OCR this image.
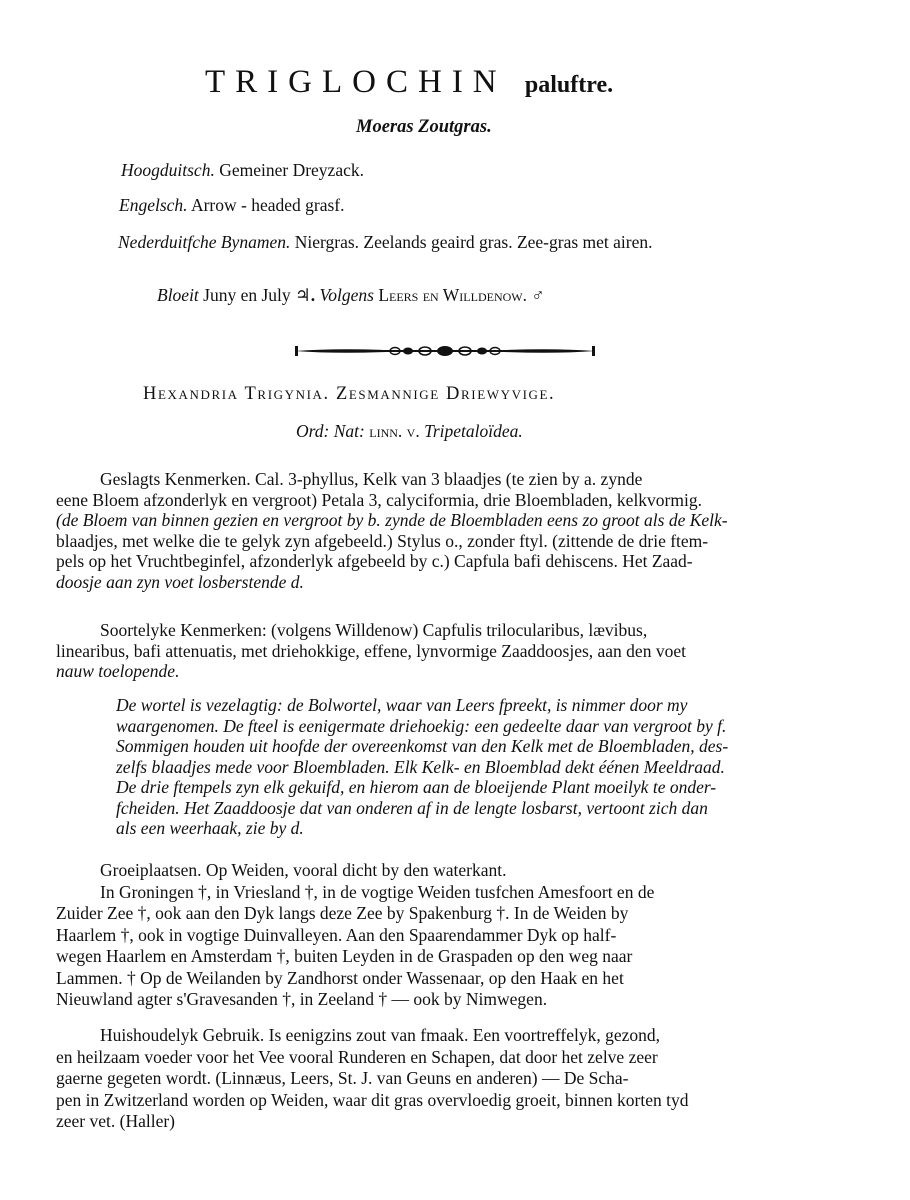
TRIGLOCHIN paluftre.
Moeras Zoutgras.
Hoogduitsch. Gemeiner Dreyzack.
Engelsch. Arrow - headed grasf.
Nederduitfche Bynamen. Niergras. Zeelands geaird gras. Zee-gras met airen.
Bloeit Juny en July ♃. Volgens Leers en Willdenow. ♂
Hexandria Trigynia. Zesmannige Driewyvige.
Ord: Nat: linn. v. Tripetaloïdea.

Geslagts Kenmerken. Cal. 3-phyllus, Kelk van 3 blaadjes (te zien by a. zynde

eene Bloem afzonderlyk en vergroot) Petala 3, calyciformia, drie Bloembladen, kelkvormig.

(de Bloem van binnen gezien en vergroot by b. zynde de Bloembladen eens zo groot als de Kelk-

blaadjes, met welke die te gelyk zyn afgebeeld.) Stylus o., zonder ftyl. (zittende de drie ftem-

pels op het Vruchtbeginfel, afzonderlyk afgebeeld by c.) Capfula bafi dehiscens. Het Zaad-

doosje aan zyn voet losberstende d.

Soortelyke Kenmerken: (volgens Willdenow) Capfulis trilocularibus, lævibus,

linearibus, bafi attenuatis, met driehokkige, effene, lynvormige Zaaddoosjes, aan den voet

nauw toelopende.

De wortel is vezelagtig: de Bolwortel, waar van Leers fpreekt, is nimmer door my

waargenomen. De fteel is eenigermate driehoekig: een gedeelte daar van vergroot by f.

Sommigen houden uit hoofde der overeenkomst van den Kelk met de Bloembladen, des-

zelfs blaadjes mede voor Bloembladen. Elk Kelk- en Bloemblad dekt éénen Meeldraad.

De drie ftempels zyn elk gekuifd, en hierom aan de bloeijende Plant moeilyk te onder-

fcheiden. Het Zaaddoosje dat van onderen af in de lengte losbarst, vertoont zich dan

als een weerhaak, zie by d.

Groeiplaatsen. Op Weiden, vooral dicht by den waterkant.

In Groningen †, in Vriesland †, in de vogtige Weiden tusfchen Amesfoort en de

Zuider Zee †, ook aan den Dyk langs deze Zee by Spakenburg †. In de Weiden by

Haarlem †, ook in vogtige Duinvalleyen. Aan den Spaarendammer Dyk op half-

wegen Haarlem en Amsterdam †, buiten Leyden in de Graspaden op den weg naar

Lammen. † Op de Weilanden by Zandhorst onder Wassenaar, op den Haak en het

Nieuwland agter s'Gravesanden †, in Zeeland † — ook by Nimwegen.

Huishoudelyk Gebruik. Is eenigzins zout van fmaak. Een voortreffelyk, gezond,

en heilzaam voeder voor het Vee vooral Runderen en Schapen, dat door het zelve zeer

gaerne gegeten wordt. (Linnæus, Leers, St. J. van Geuns en anderen) — De Scha-

pen in Zwitzerland worden op Weiden, waar dit gras overvloedig groeit, binnen korten tyd

zeer vet. (Haller)
